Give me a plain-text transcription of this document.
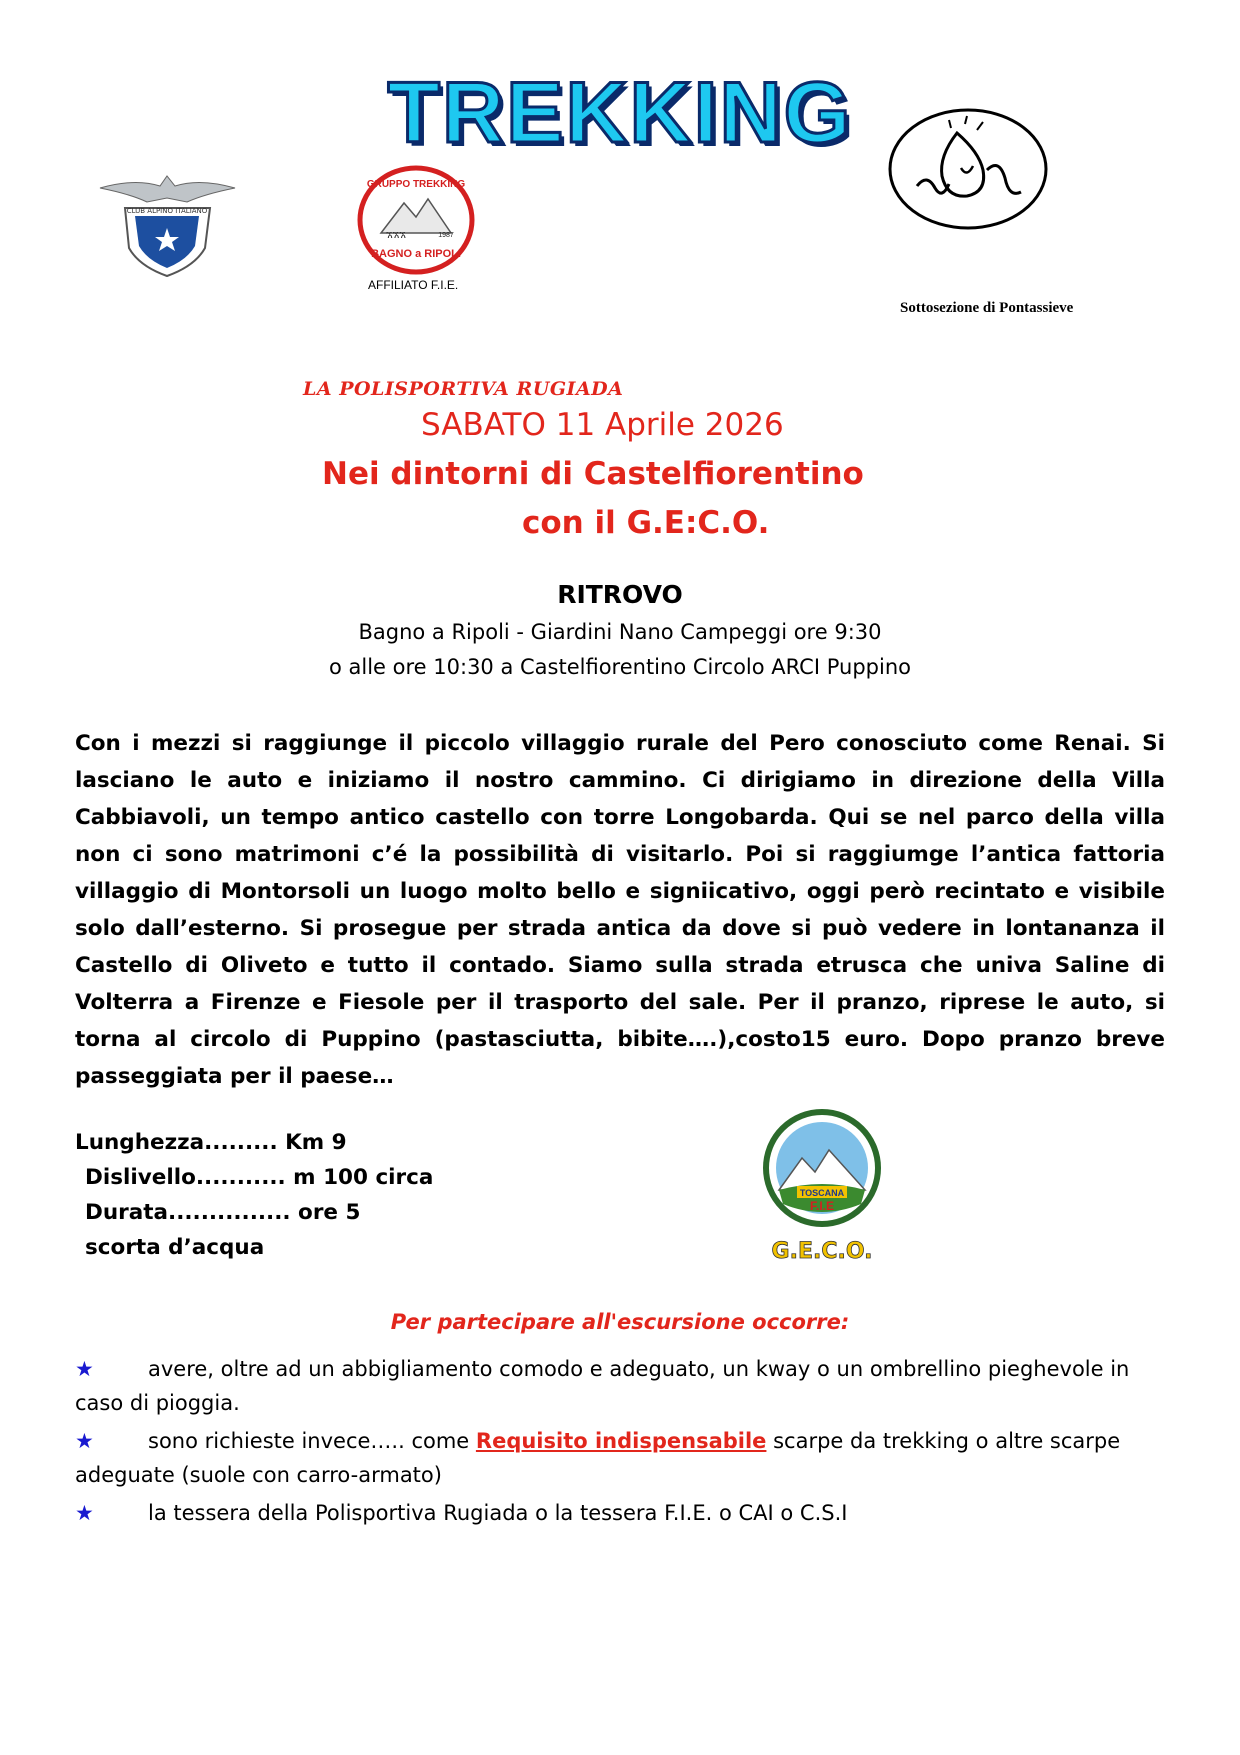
CLUB ALPINO ITALIANO
GRUPPO TREKKING
ኧኧኧ	1987
BAGNO a RIPOLI
AFFILIATO F.I.E.
TREKKING
Sottosezione di Pontassieve
LA POLISPORTIVA RUGIADA
SABATO 11 Aprile 2026
Nei dintorni di Castelfiorentino
con il G.E:C.O.
RITROVO
Bagno a Ripoli - Giardini Nano Campeggi ore 9:30
o alle ore 10:30 a Castelfiorentino Circolo ARCI Puppino
Con i mezzi si raggiunge il piccolo villaggio rurale del Pero conosciuto come Renai. Si lasciano le auto e iniziamo il nostro cammino. Ci dirigiamo in direzione della Villa Cabbiavoli, un tempo antico castello con torre Longobarda. Qui se nel parco della villa non ci sono matrimoni c’é la possibilità di visitarlo. Poi si raggiumge l’antica fattoria villaggio di Montorsoli un luogo molto bello e signiicativo, oggi però recintato e visibile solo dall’esterno. Si prosegue per strada antica da dove si può vedere in lontananza il Castello di Oliveto e tutto il contado. Siamo sulla strada etrusca che univa Saline di Volterra a Firenze e Fiesole per il trasporto del sale. Per il pranzo, riprese le auto, si torna al circolo di Puppino (pastasciutta, bibite….),costo15 euro. Dopo pranzo breve passeggiata per il paese…
Lunghezza......... Km 9
Dislivello........... m 100 circa
Durata............... ore 5
scorta d’acqua
TOSCANA
F.I.E
G.E.C.O.
Per partecipare all'escursione occorre:
★	avere, oltre ad un abbigliamento comodo e adeguato, un kway o un ombrellino pieghevole in caso di pioggia.
★	sono richieste invece….. come Requisito indispensabile scarpe da trekking o altre scarpe adeguate (suole con carro-armato)
★	la tessera della Polisportiva Rugiada o la tessera F.I.E. o CAI o C.S.I
